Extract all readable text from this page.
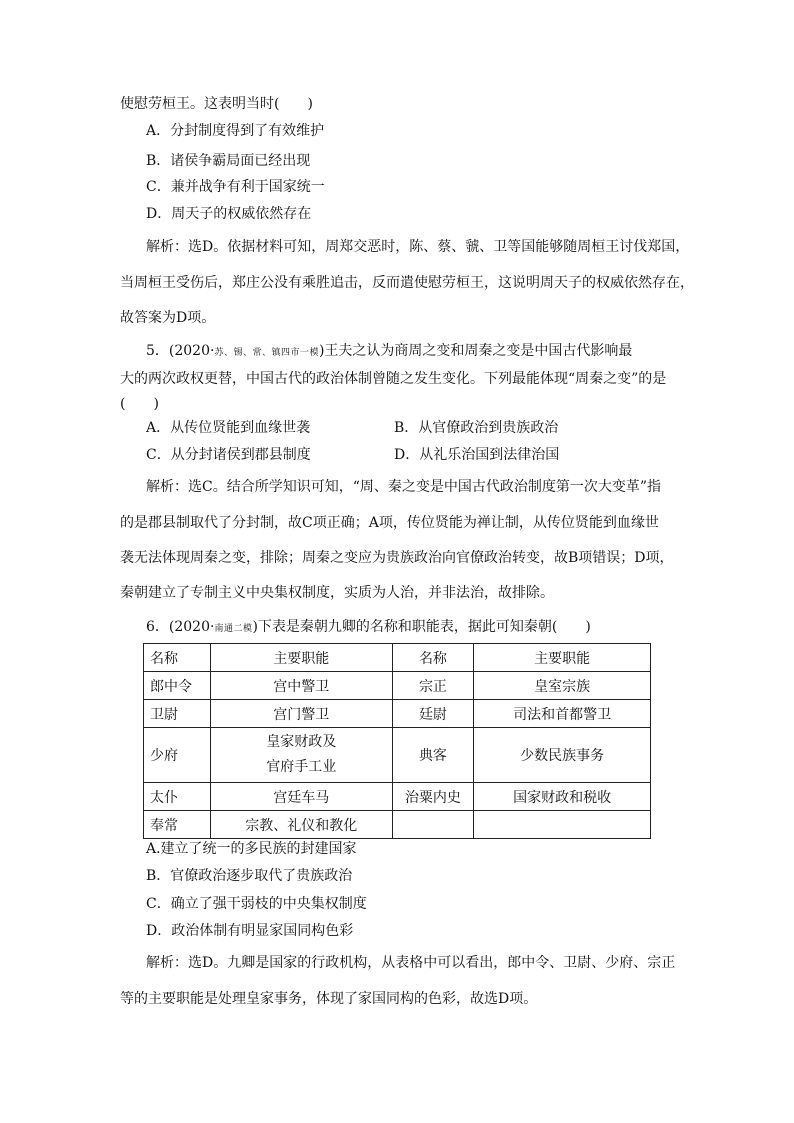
使慰劳桓王。这表明当时(　　)
A．分封制度得到了有效维护
B．诸侯争霸局面已经出现
C．兼并战争有利于国家统一
D．周天子的权威依然存在
解析：选D。依据材料可知，周郑交恶时，陈、蔡、虢、卫等国能够随周桓王讨伐郑国，
当周桓王受伤后，郑庄公没有乘胜追击，反而遣使慰劳桓王，这说明周天子的权威依然存在，
故答案为D项。
5．(2020·苏、锡、常、镇四市一模)王夫之认为商周之变和周秦之变是中国古代影响最
大的两次政权更替，中国古代的政治体制曾随之发生变化。下列最能体现“周秦之变”的是
(　　)
A．从传位贤能到血缘世袭	B．从官僚政治到贵族政治
C．从分封诸侯到郡县制度	D．从礼乐治国到法律治国
解析：选C。结合所学知识可知，“周、秦之变是中国古代政治制度第一次大变革”指
的是郡县制取代了分封制，故C项正确；A项，传位贤能为禅让制，从传位贤能到血缘世
袭无法体现周秦之变，排除；周秦之变应为贵族政治向官僚政治转变，故B项错误；D项，
秦朝建立了专制主义中央集权制度，实质为人治，并非法治，故排除。
6．(2020·南通二模)下表是秦朝九卿的名称和职能表，据此可知秦朝(　　)
名称	主要职能	名称	主要职能
郎中令	宫中警卫	宗正	皇室宗族
卫尉	宫门警卫	廷尉	司法和首都警卫
少府	皇家财政及
官府手工业	典客	少数民族事务
太仆	宫廷车马	治粟内史	国家财政和税收
奉常	宗教、礼仪和教化		
A.建立了统一的多民族的封建国家
B．官僚政治逐步取代了贵族政治
C．确立了强干弱枝的中央集权制度
D．政治体制有明显家国同构色彩
解析：选D。九卿是国家的行政机构，从表格中可以看出，郎中令、卫尉、少府、宗正
等的主要职能是处理皇家事务，体现了家国同构的色彩，故选D项。
